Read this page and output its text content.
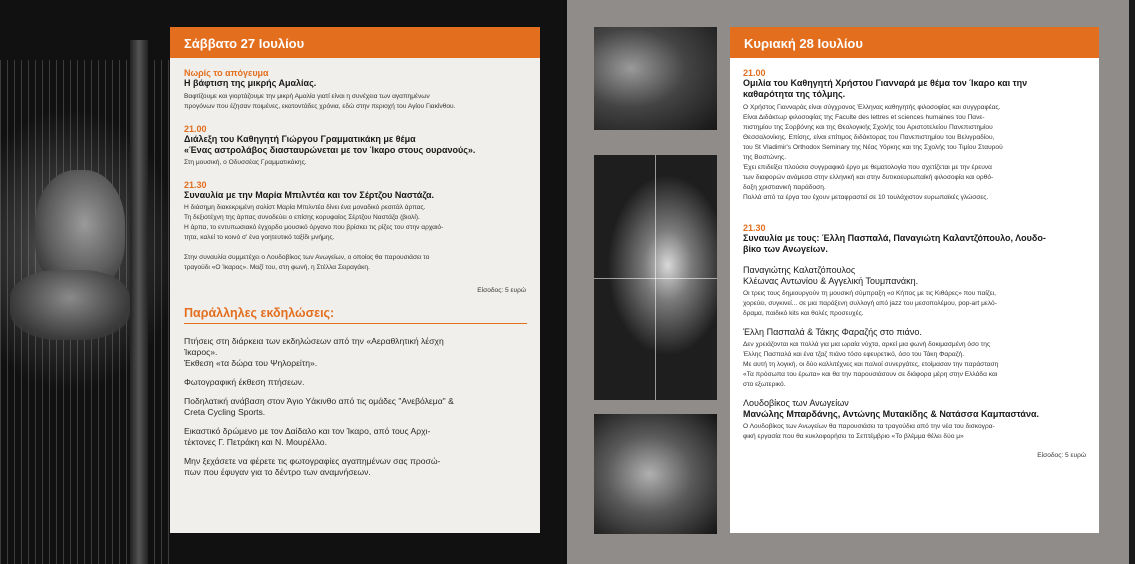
Σάββατο 27 Ιουλίου
Νωρίς το απόγευμα
Η βάφτιση της μικρής Αμαλίας.
Βαφτίζουμε και γιορτάζουμε την μικρή Αμαλία γιατί είναι η συνέχεια των αγαπημένων
προγόνων που έζησαν ποιμένες, εκατοντάδες χρόνια, εδώ στην περιοχή του Αγίου Γιακίνθου.
21.00
Διάλεξη του Καθηγητή Γιώργου Γραμματικάκη με θέμα
«Ένας αστρολάβος διασταυρώνεται με τον Ίκαρο στους ουρανούς».
Στη μουσική, ο Οδυσσέας Γραμματικάκης.
21.30
Συναυλία με την Μαρία Μπιλντέα και τον Σέρτζου Ναστάζα.
Η διάσημη διακεκριμένη σολίστ Μαρία Μπιλντέα δίνει ένα μοναδικό ρεσιτάλ άρπας.
Τη δεξιοτέχνη της άρπας συνοδεύει ο επίσης κορυφαίος Σέρτζου Ναστάζα (βιολί).
Η άρπα, το εντυπωσιακό έγχορδο μουσικό όργανο που βρίσκει τις ρίζες του στην αρχαιό-
τητα, καλεί το κοινό σ' ένα γοητευτικό ταξίδι μνήμης.
Στην συναυλία συμμετέχει ο Λουδοβίκος των Ανωγείων, ο οποίος θα παρουσιάσει το
τραγούδι «Ο Ίκαρος». Μαζί του, στη φωνή, η Στέλλα Σειραγάκη.
Είσοδος: 5 ευρώ
Παράλληλες εκδηλώσεις:
Πτήσεις στη διάρκεια των εκδηλώσεων από την «Αεραθλητική λέσχη
Ίκαρος».
Έκθεση «τα δώρα του Ψηλορείτη».
Φωτογραφική έκθεση πτήσεων.
Ποδηλατική ανάβαση στον Άγιο Υάκινθο από τις ομάδες "Ανεβόλεμα" &
Creta Cycling Sports.
Εικαστικό δρώμενο με τον Δαίδαλο και τον Ίκαρο, από τους Αρχι-
τέκτονες Γ. Πετράκη και Ν. Μουρέλλο.
Μην ξεχάσετε να φέρετε τις φωτογραφίες αγαπημένων σας προσώ-
πων που έφυγαν για το δέντρο των αναμνήσεων.
Κυριακή 28 Ιουλίου
21.00
Ομιλία του Καθηγητή Χρήστου Γιανναρά με θέμα τον Ίκαρο και την
καθαρότητα της τόλμης.
Ο Χρήστος Γιανναράς είναι σύγχρονος Έλληνας καθηγητής φιλοσοφίας και συγγραφέας.
Είναι Διδάκτωρ φιλοσοφίας της Faculte des lettres et sciences humaines του Πανε-
πιστημίου της Σορβόνης και της Θεολογικής Σχολής του Αριστοτελείου Πανεπιστημίου
Θεσσαλονίκης. Επίσης, είναι επίτιμος διδάκτορας του Πανεπιστημίου του Βελιγραδίου,
του St Vladimir's Orthodox Seminary της Νέας Υόρκης και της Σχολής του Τιμίου Σταυρού
της Βοστώνης.
Έχει επιδείξει πλούσιο συγγραφικό έργο με θεματολογία που σχετίζεται με την έρευνα
των διαφορών ανάμεσα στην ελληνική και στην δυτικοευρωπαϊκή φιλοσοφία και ορθό-
δοξη χριστιανική παράδοση.
Πολλά από τα έργα του έχουν μεταφραστεί σε 10 τουλάχιστον ευρωπαϊκές γλώσσες.
21.30
Συναυλία με τους: Έλλη Πασπαλά, Παναγιώτη Καλαντζόπουλο, Λουδο-
βίκο των Ανωγείων.
Παναγιώτης Καλατζόπουλος
Κλέωνας Αντωνίου & Αγγελική Τουμπανάκη.
Οι τρεις τους δημιουργούν τη μουσική σύμπραξη «ο Κήπος με τις Κιθάρες» που παίζει,
χορεύει, συγκινεί... σε μια παράξενη συλλογή από jazz του μεσοπολέμου, pop-art μελό-
δραμα, παιδικό kits και θολές προσευχές.
Έλλη Πασπαλά & Τάκης Φαραζής στο πιάνο.
Δεν χρειάζονται και πολλά για μια ωραία νύχτα, αρκεί μια φωνή δοκιμασμένη όσο της
Έλλης Πασπαλά και ένα τζαζ πιάνο τόσο εφευρετικό, όσο του Τάκη Φαραζή.
Με αυτή τη λογική, οι δύο καλλιτέχνες και παλιοί συνεργάτες, ετοίμασαν την παράσταση
«Τα πρόσωπα του έρωτα» και θα την παρουσιάσουν σε διάφορα μέρη στην Ελλάδα και
στο εξωτερικό.
Λουδοβίκος των Ανωγείων
Μανώλης Μπαρδάνης, Αντώνης Μυτακίδης & Νατάσσα Καμπαστάνα.
Ο Λουδοβίκος των Ανωγείων θα παρουσιάσει τα τραγούδια από την νέα του δισκογρα-
φική εργασία που θα κυκλοφορήσει το Σεπτέμβριο «Το βλέμμα θέλει δύο μ»
Είσοδος: 5 ευρώ
